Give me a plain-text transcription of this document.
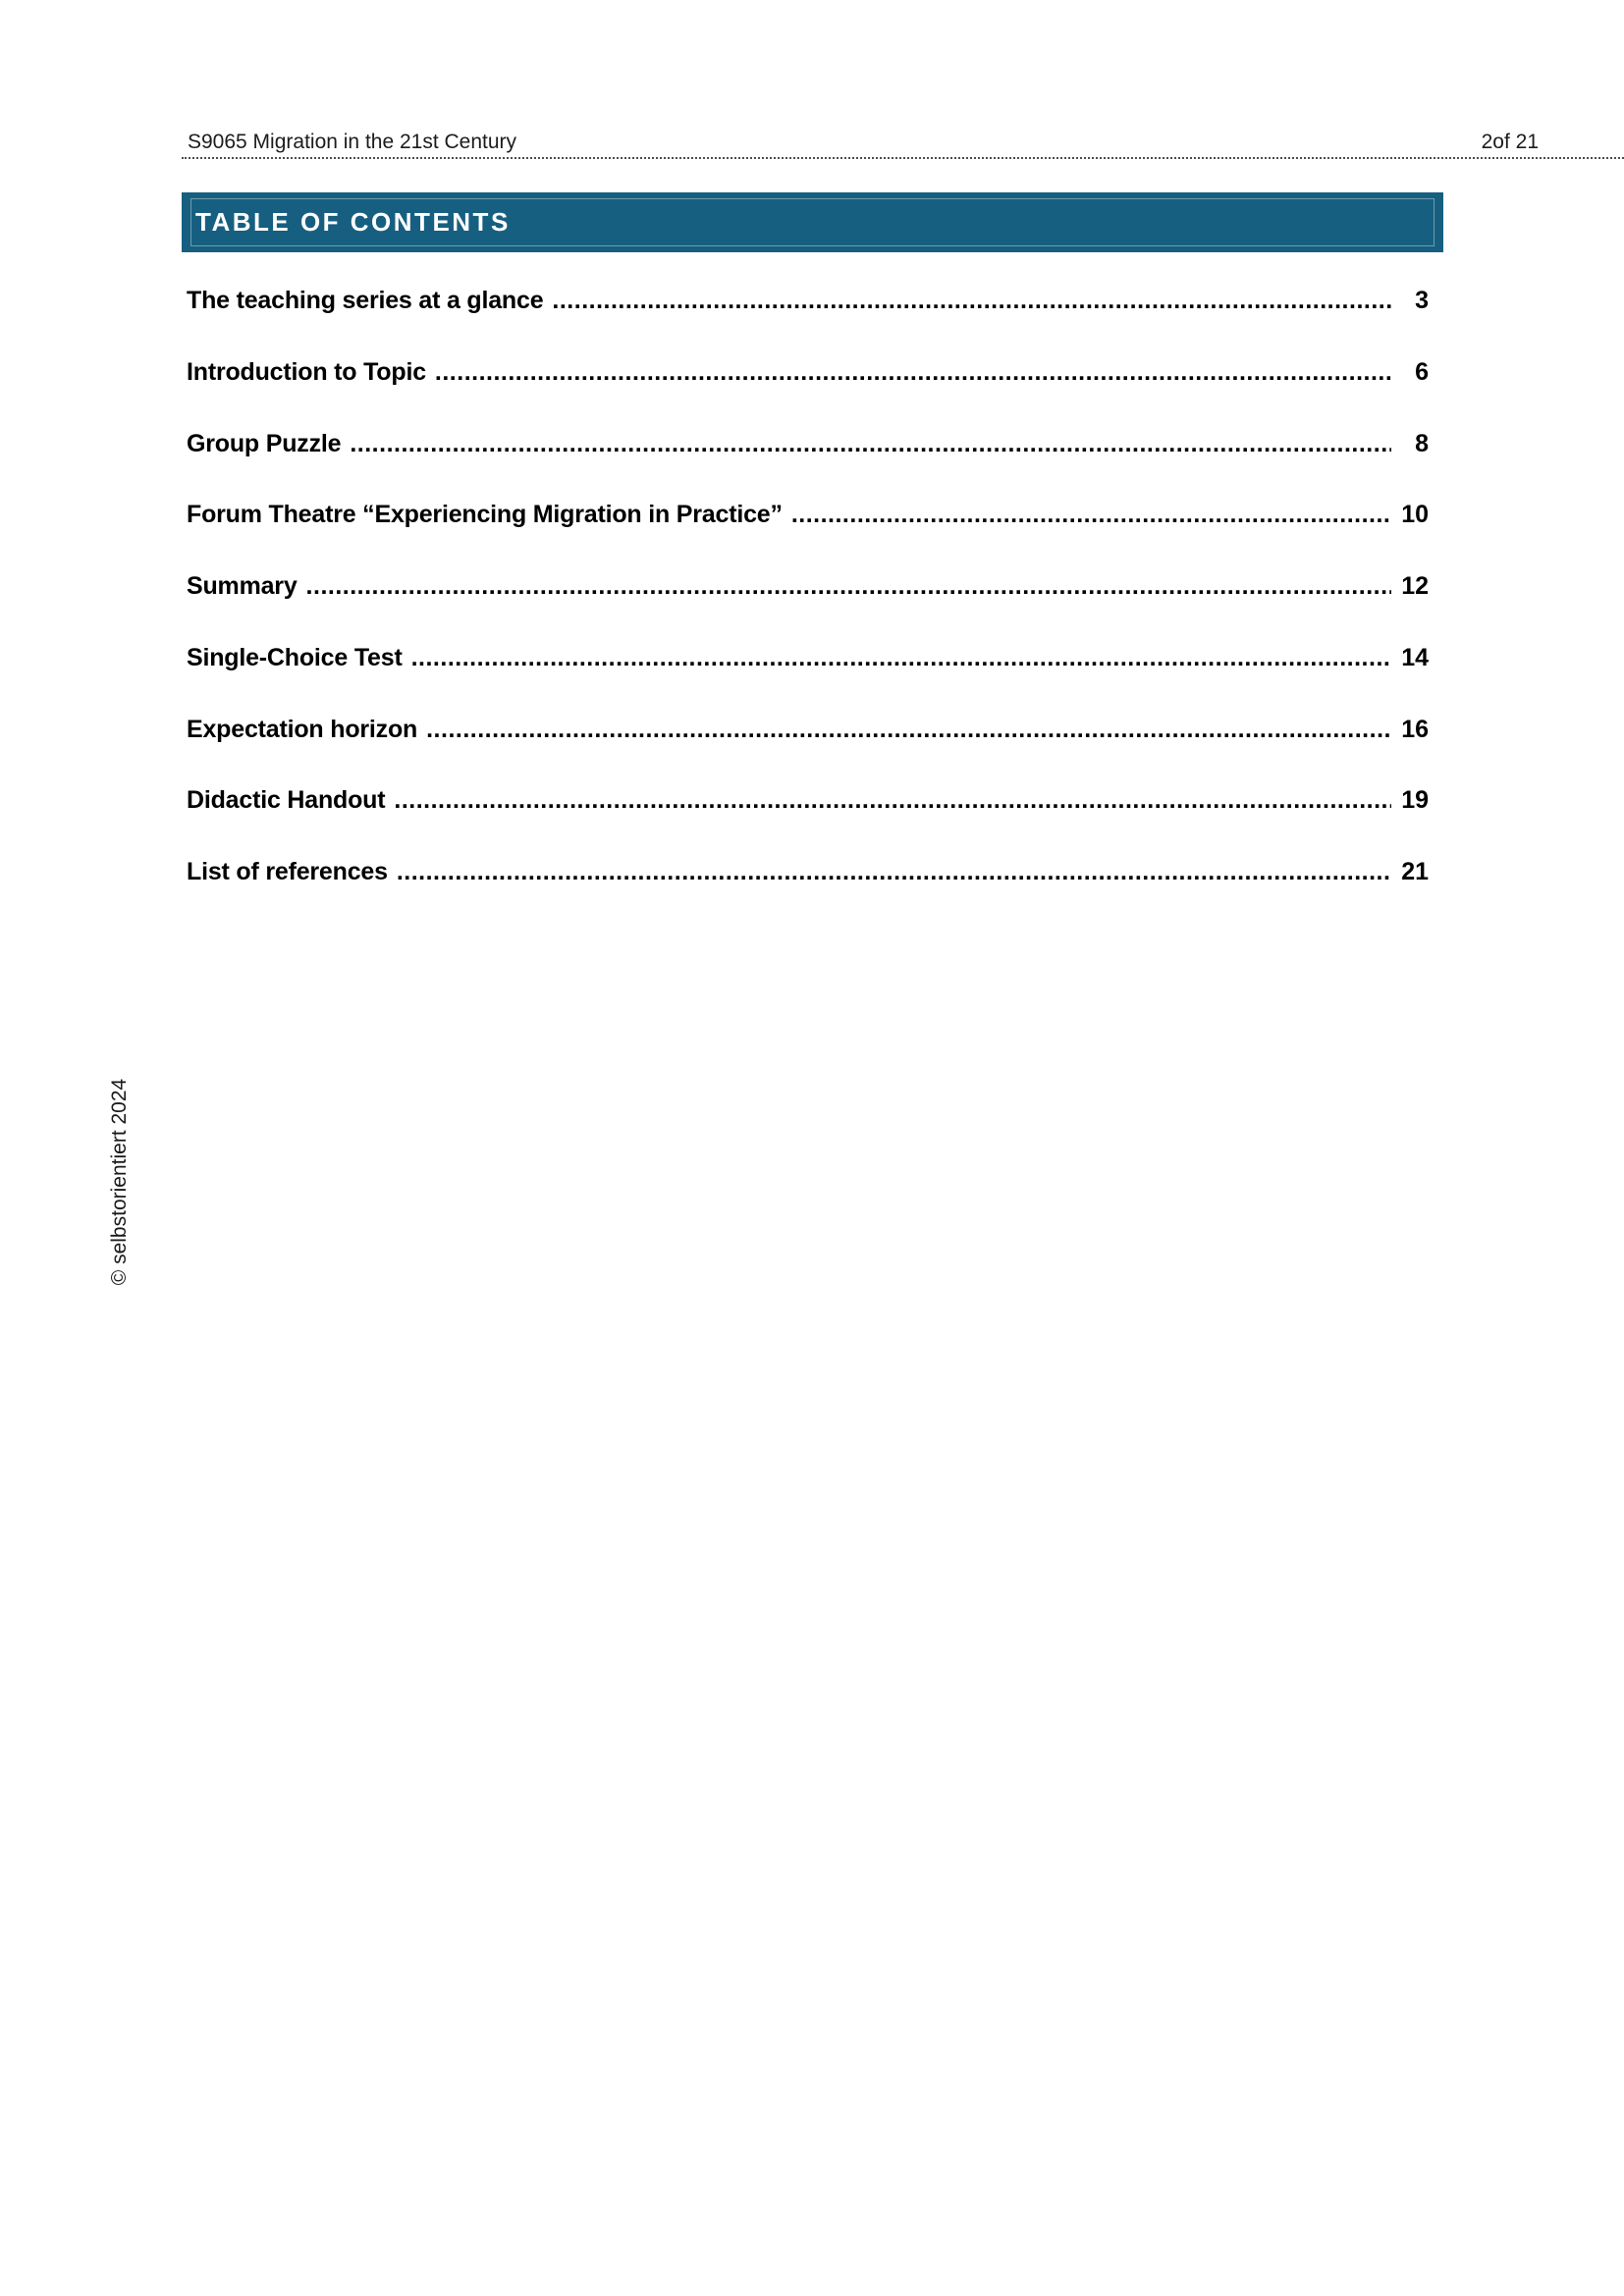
S9065 Migration in the 21st Century	2of 21
TABLE OF CONTENTS
The teaching series at a glance .....	3
Introduction to Topic .....	6
Group Puzzle .....	8
Forum Theatre “Experiencing Migration in Practice” .....	10
Summary .....	12
Single-Choice Test .....	14
Expectation horizon .....	16
Didactic Handout .....	19
List of references .....	21
© selbstorientiert 2024
